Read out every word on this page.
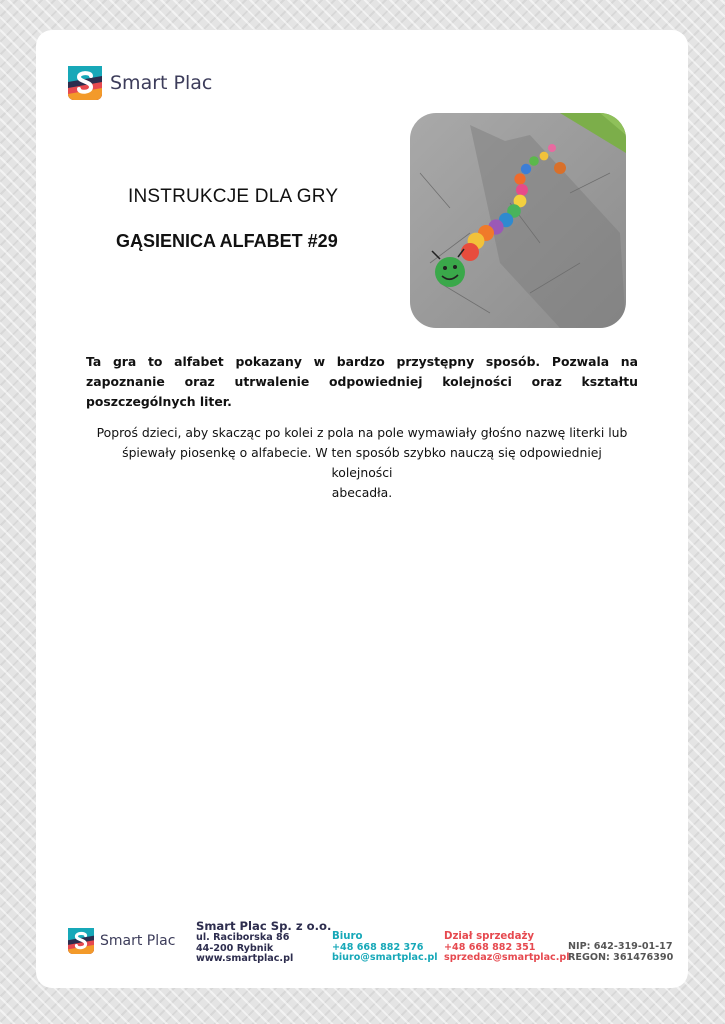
Smart Plac
INSTRUKCJE DLA GRY
GĄSIENICA ALFABET #29
Ta gra to alfabet pokazany w bardzo przystępny sposób. Pozwala na zapoznanie oraz utrwalenie odpowiedniej kolejności oraz kształtu poszczególnych liter.
Poproś dzieci, aby skacząc po kolei z pola na pole wymawiały głośno nazwę literki lub
śpiewały piosenkę o alfabecie. W ten sposób szybko nauczą się odpowiedniej kolejności
abecadła.
Smart Plac
Smart Plac Sp. z o.o.
ul. Raciborska 86
44-200 Rybnik
www.smartplac.pl
Biuro
+48 668 882 376
biuro@smartplac.pl
Dział sprzedaży
+48 668 882 351
sprzedaz@smartplac.pl
NIP: 642-319-01-17
REGON: 361476390
